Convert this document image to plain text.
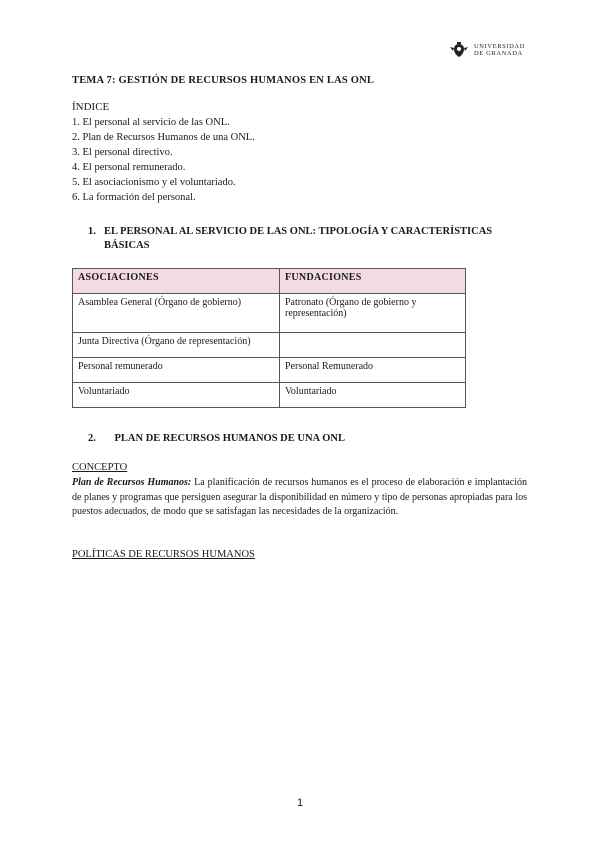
UNIVERSIDAD
DE GRANADA
TEMA 7: GESTIÓN DE RECURSOS HUMANOS EN LAS ONL
ÍNDICE
1. El personal al servicio de las ONL.
2. Plan de Recursos Humanos de una ONL.
3. El personal directivo.
4. El personal remunerado.
5. El asociacionismo y el voluntariado.
6. La formación del personal.
1. EL PERSONAL AL SERVICIO DE LAS ONL: TIPOLOGÍA Y CARACTERÍSTICAS BÁSICAS
ASOCIACIONES	FUNDACIONES
Asamblea General (Órgano de gobierno)	Patronato (Órgano de gobierno y representación)
Junta Directiva (Órgano de representación)	
Personal remunerado	Personal Remunerado
Voluntariado	Voluntariado
2. PLAN DE RECURSOS HUMANOS DE UNA ONL
CONCEPTO
Plan de Recursos Humanos: La planificación de recursos humanos es el proceso de elaboración e implantación de planes y programas que persiguen asegurar la disponibilidad en número y tipo de personas apropiadas para los puestos adecuados, de modo que se satisfagan las necesidades de la organización.
POLÍTICAS DE RECURSOS HUMANOS
1
